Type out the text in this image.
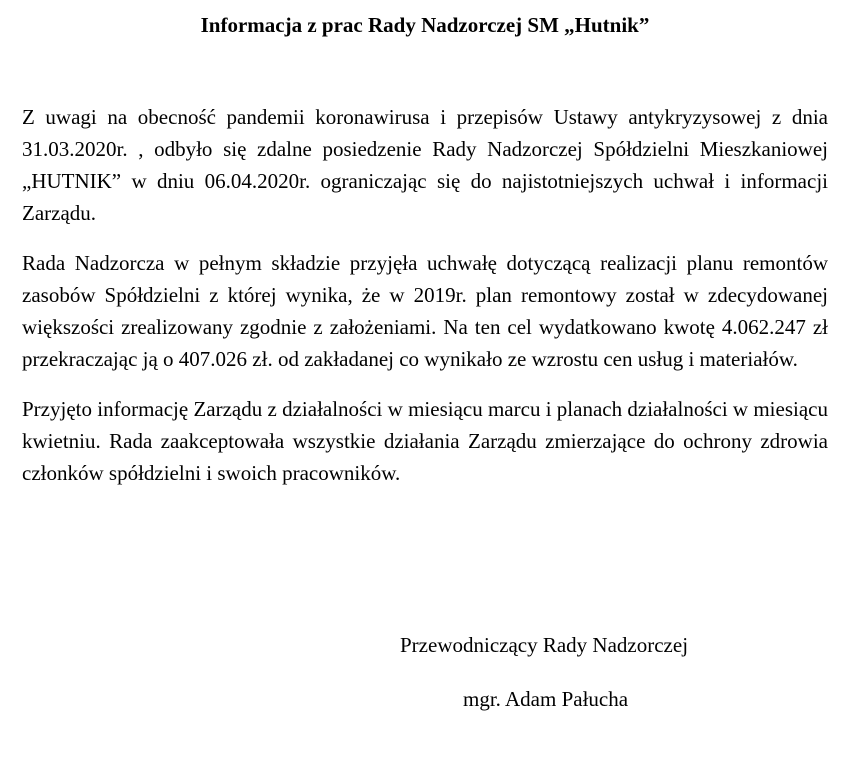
Informacja z prac Rady Nadzorczej SM „Hutnik”

Z uwagi na obecność pandemii koronawirusa i przepisów Ustawy antykryzysowej z dnia 31.03.2020r. , odbyło się zdalne posiedzenie Rady Nadzorczej Spółdzielni Mieszkaniowej „HUTNIK” w dniu 06.04.2020r. ograniczając się do najistotniejszych uchwał i informacji Zarządu.

Rada Nadzorcza w pełnym składzie przyjęła uchwałę dotyczącą realizacji planu remontów zasobów Spółdzielni z której wynika, że w 2019r. plan remontowy został w zdecydowanej większości zrealizowany zgodnie z założeniami. Na ten cel wydatkowano kwotę 4.062.247 zł przekraczając ją o 407.026 zł. od zakładanej co wynikało ze wzrostu cen usług i materiałów.

Przyjęto informację Zarządu z działalności w miesiącu marcu i planach działalności w miesiącu kwietniu. Rada zaakceptowała wszystkie działania Zarządu zmierzające do ochrony zdrowia członków spółdzielni i swoich pracowników.

Przewodniczący Rady Nadzorczej

mgr. Adam Pałucha
